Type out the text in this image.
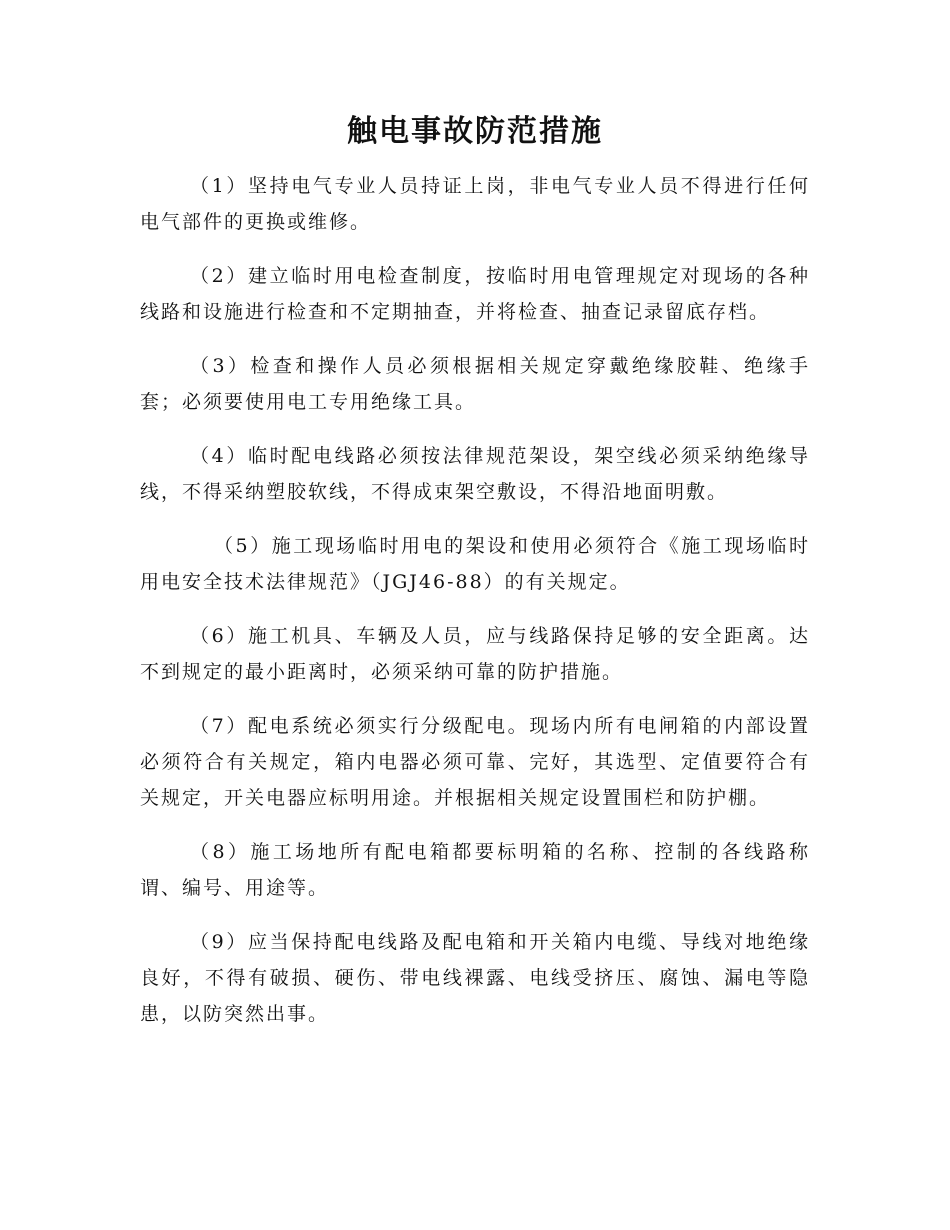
触电事故防范措施

（1）坚持电气专业人员持证上岗，非电气专业人员不得进行任何电气部件的更换或维修。

（2）建立临时用电检查制度，按临时用电管理规定对现场的各种线路和设施进行检查和不定期抽查，并将检查、抽查记录留底存档。

（3）检查和操作人员必须根据相关规定穿戴绝缘胶鞋、绝缘手套；必须要使用电工专用绝缘工具。

（4）临时配电线路必须按法律规范架设，架空线必须采纳绝缘导线，不得采纳塑胶软线，不得成束架空敷设，不得沿地面明敷。

（5）施工现场临时用电的架设和使用必须符合《施工现场临时用电安全技术法律规范》（JGJ46-88）的有关规定。

（6）施工机具、车辆及人员，应与线路保持足够的安全距离。达不到规定的最小距离时，必须采纳可靠的防护措施。

（7）配电系统必须实行分级配电。现场内所有电闸箱的内部设置必须符合有关规定，箱内电器必须可靠、完好，其选型、定值要符合有关规定，开关电器应标明用途。并根据相关规定设置围栏和防护棚。

（8）施工场地所有配电箱都要标明箱的名称、控制的各线路称谓、编号、用途等。

（9）应当保持配电线路及配电箱和开关箱内电缆、导线对地绝缘良好，不得有破损、硬伤、带电线裸露、电线受挤压、腐蚀、漏电等隐患，以防突然出事。
